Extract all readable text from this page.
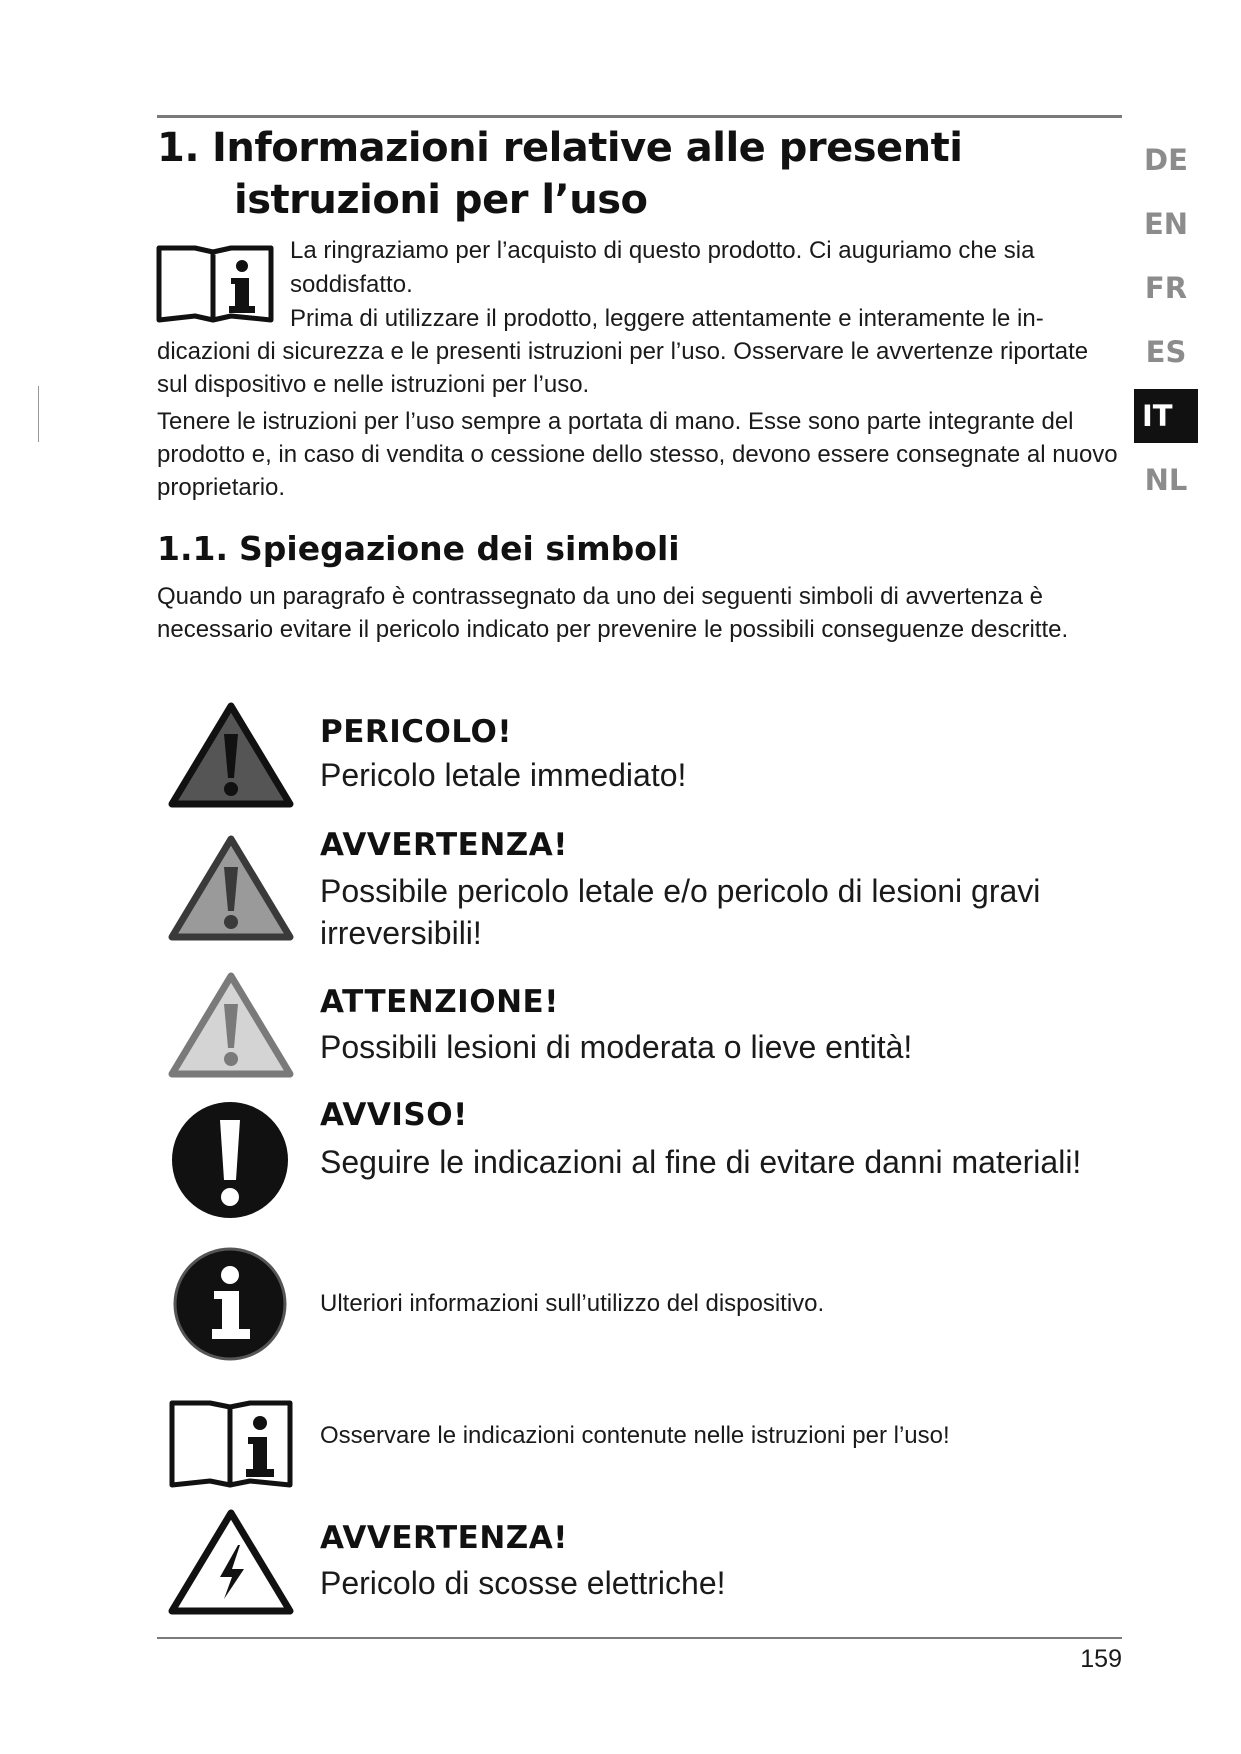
1. Informazioni relative alle presenti
istruzioni per l’uso
La ringraziamo per l’acquisto di questo prodotto. Ci auguriamo che sia soddisfatto.
Prima di utilizzare il prodotto, leggere attentamente e interamente le indicazioni di sicurezza e le presenti istruzioni per l’uso. Osservare le avvertenze riportate sul dispositivo e nelle istruzioni per l’uso.
Tenere le istruzioni per l’uso sempre a portata di mano. Esse sono parte integrante del prodotto e, in caso di vendita o cessione dello stesso, devono essere consegnate al nuovo proprietario.
DE
EN
FR
ES
IT
NL
1.1. Spiegazione dei simboli
Quando un paragrafo è contrassegnato da uno dei seguenti simboli di avvertenza è necessario evitare il pericolo indicato per prevenire le possibili conseguenze descritte.
PERICOLO!
Pericolo letale immediato!
AVVERTENZA!
Possibile pericolo letale e/o pericolo di lesioni gravi irreversibili!
ATTENZIONE!
Possibili lesioni di moderata o lieve entità!
AVVISO!
Seguire le indicazioni al fine di evitare danni materiali!
Ulteriori informazioni sull’utilizzo del dispositivo.
Osservare le indicazioni contenute nelle istruzioni per l’uso!
AVVERTENZA!
Pericolo di scosse elettriche!
159
